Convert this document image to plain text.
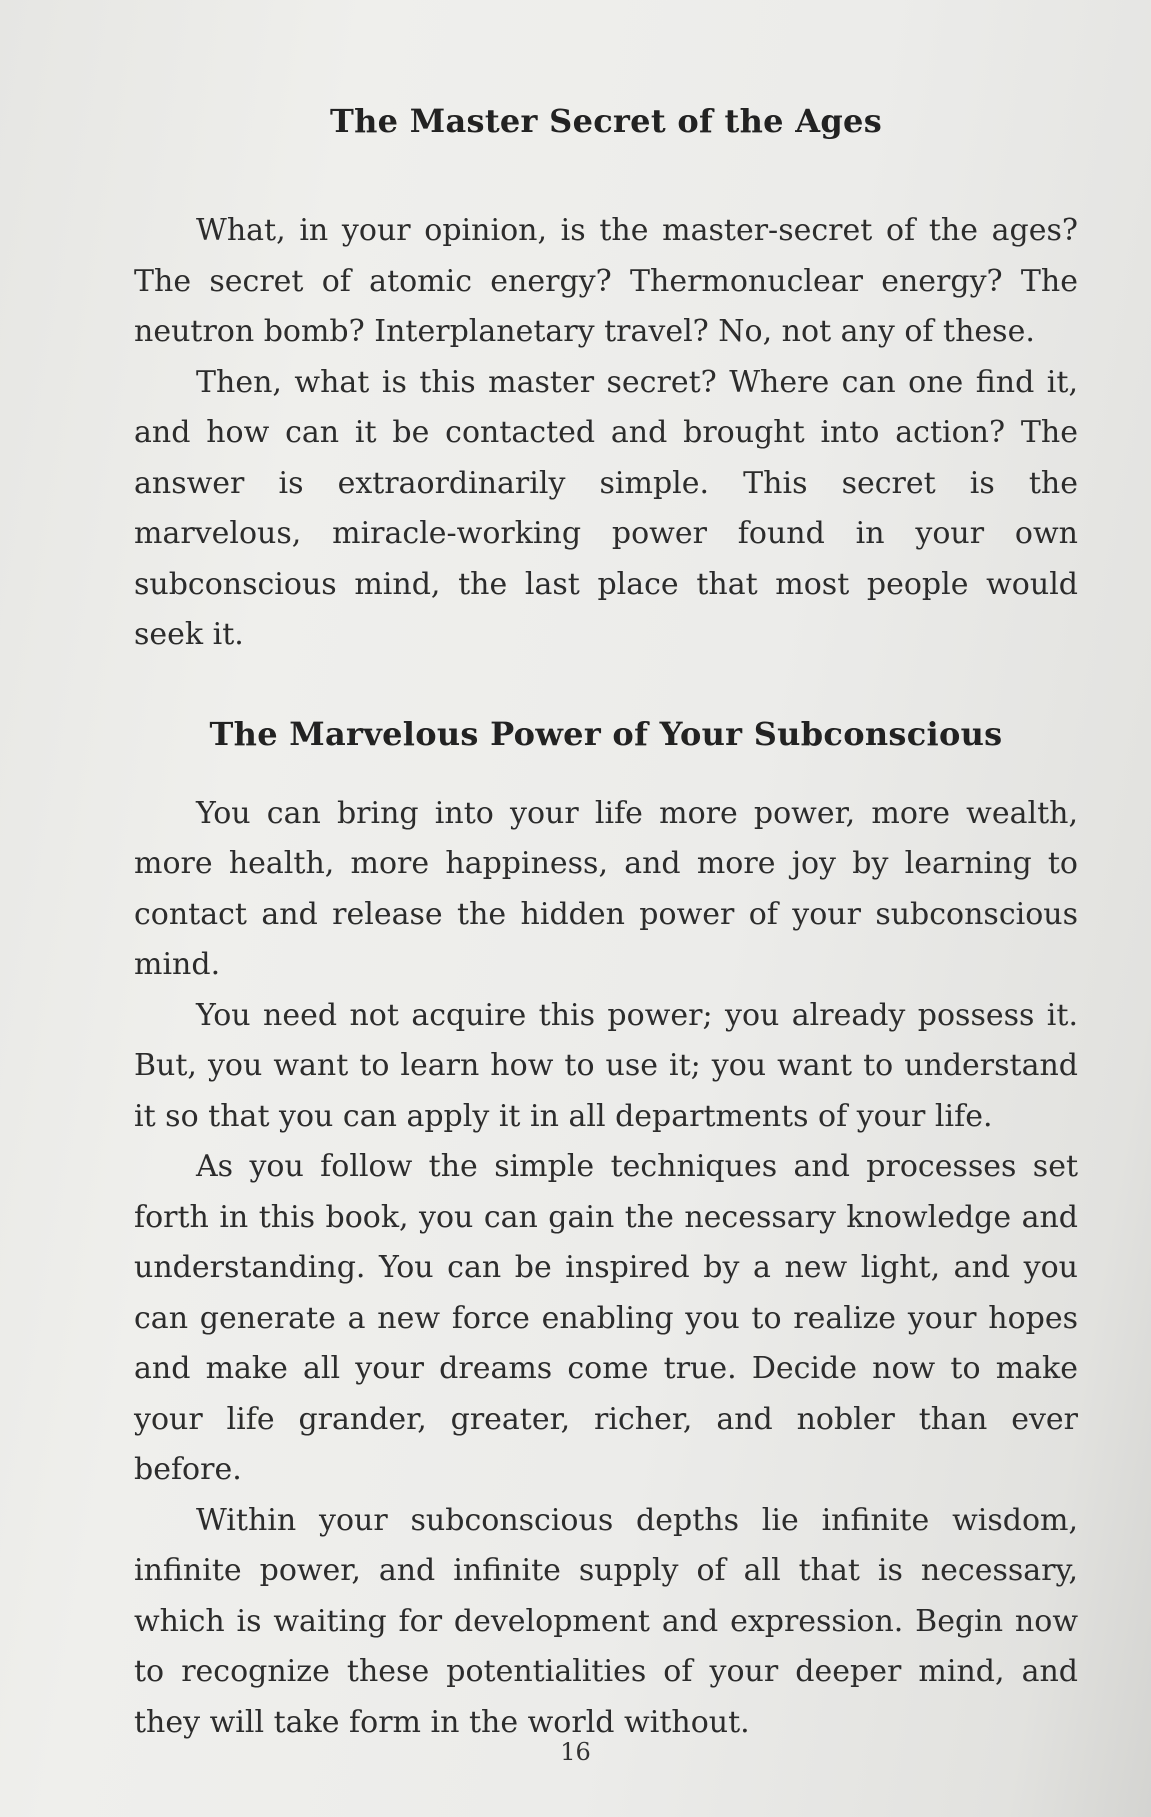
The Master Secret of the Ages

What, in your opinion, is the master-secret of the ages? The secret of atomic energy? Thermonuclear energy? The neutron bomb? Interplanetary travel? No, not any of these.

Then, what is this master secret? Where can one find it, and how can it be contacted and brought into action? The answer is extraordinarily simple. This secret is the marvelous, miracle-working power found in your own subconscious mind, the last place that most people would seek it.

The Marvelous Power of Your Subconscious

You can bring into your life more power, more wealth, more health, more happiness, and more joy by learning to contact and release the hidden power of your subconscious mind.

You need not acquire this power; you already possess it. But, you want to learn how to use it; you want to understand it so that you can apply it in all departments of your life.

As you follow the simple techniques and processes set forth in this book, you can gain the necessary knowledge and understanding. You can be inspired by a new light, and you can generate a new force enabling you to realize your hopes and make all your dreams come true. Decide now to make your life grander, greater, richer, and nobler than ever before.

Within your subconscious depths lie infinite wisdom, infinite power, and infinite supply of all that is necessary, which is waiting for development and expression. Begin now to recognize these potentialities of your deeper mind, and they will take form in the world without.

16
